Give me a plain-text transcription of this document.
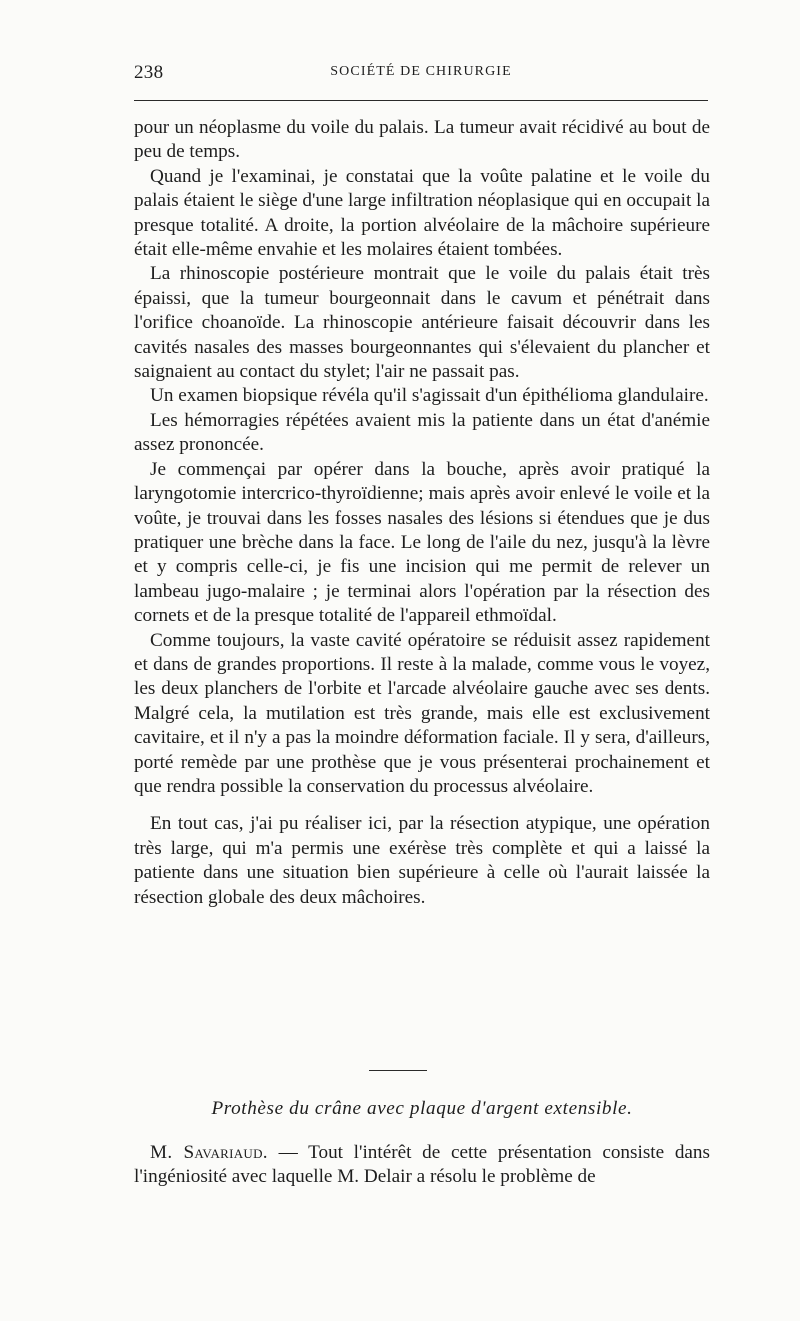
238	SOCIÉTÉ DE CHIRURGIE

pour un néoplasme du voile du palais. La tumeur avait récidivé au bout de peu de temps.

Quand je l'examinai, je constatai que la voûte palatine et le voile du palais étaient le siège d'une large infiltration néoplasique qui en occupait la presque totalité. A droite, la portion alvéolaire de la mâchoire supérieure était elle-même envahie et les molaires étaient tombées.

La rhinoscopie postérieure montrait que le voile du palais était très épaissi, que la tumeur bourgeonnait dans le cavum et pénétrait dans l'orifice choanoïde. La rhinoscopie antérieure faisait découvrir dans les cavités nasales des masses bourgeonnantes qui s'élevaient du plancher et saignaient au contact du stylet; l'air ne passait pas.

Un examen biopsique révéla qu'il s'agissait d'un épithélioma glandulaire.

Les hémorragies répétées avaient mis la patiente dans un état d'anémie assez prononcée.

Je commençai par opérer dans la bouche, après avoir pratiqué la laryngotomie intercrico-thyroïdienne; mais après avoir enlevé le voile et la voûte, je trouvai dans les fosses nasales des lésions si étendues que je dus pratiquer une brèche dans la face. Le long de l'aile du nez, jusqu'à la lèvre et y compris celle-ci, je fis une incision qui me permit de relever un lambeau jugo-malaire ; je terminai alors l'opération par la résection des cornets et de la presque totalité de l'appareil ethmoïdal.

Comme toujours, la vaste cavité opératoire se réduisit assez rapidement et dans de grandes proportions. Il reste à la malade, comme vous le voyez, les deux planchers de l'orbite et l'arcade alvéolaire gauche avec ses dents. Malgré cela, la mutilation est très grande, mais elle est exclusivement cavitaire, et il n'y a pas la moindre déformation faciale. Il y sera, d'ailleurs, porté remède par une prothèse que je vous présenterai prochainement et que rendra possible la conservation du processus alvéolaire.

En tout cas, j'ai pu réaliser ici, par la résection atypique, une opération très large, qui m'a permis une exérèse très complète et qui a laissé la patiente dans une situation bien supérieure à celle où l'aurait laissée la résection globale des deux mâchoires.

Prothèse du crâne avec plaque d'argent extensible.

M. Savariaud. — Tout l'intérêt de cette présentation consiste dans l'ingéniosité avec laquelle M. Delair a résolu le problème de
